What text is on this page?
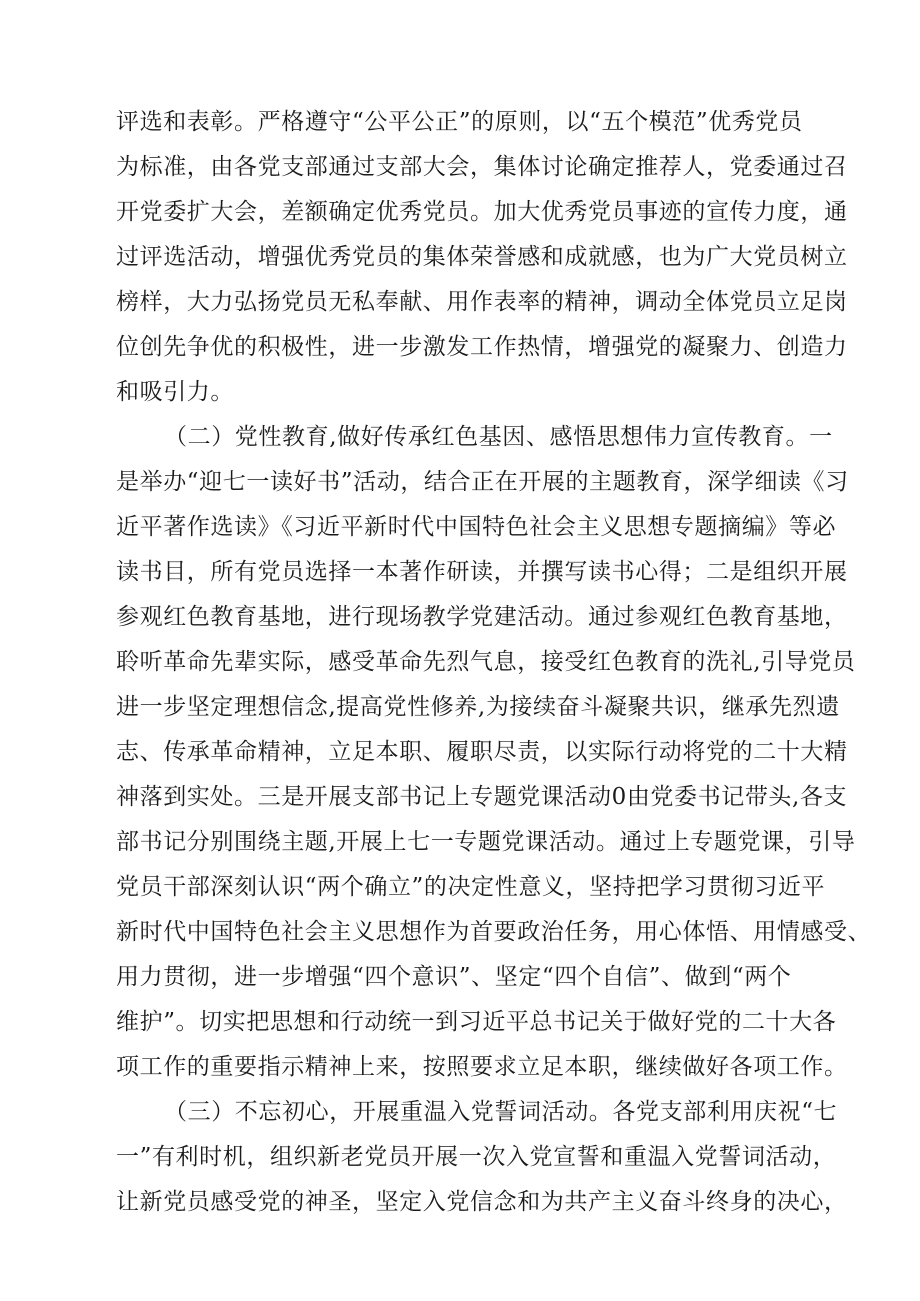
评选和表彰。严格遵守“公平公正”的原则，以“五个模范”优秀党员
为标准，由各党支部通过支部大会，集体讨论确定推荐人，党委通过召
开党委扩大会，差额确定优秀党员。加大优秀党员事迹的宣传力度，通
过评选活动，增强优秀党员的集体荣誉感和成就感，也为广大党员树立
榜样，大力弘扬党员无私奉献、用作表率的精神，调动全体党员立足岗
位创先争优的积极性，进一步激发工作热情，增强党的凝聚力、创造力
和吸引力。
（二）党性教育,做好传承红色基因、感悟思想伟力宣传教育。一
是举办“迎七一读好书”活动，结合正在开展的主题教育，深学细读《习
近平著作选读》《习近平新时代中国特色社会主义思想专题摘编》等必
读书目，所有党员选择一本著作研读，并撰写读书心得；二是组织开展
参观红色教育基地，进行现场教学党建活动。通过参观红色教育基地，
聆听革命先辈实际，感受革命先烈气息，接受红色教育的洗礼,引导党员
进一步坚定理想信念,提高党性修养,为接续奋斗凝聚共识，继承先烈遗
志、传承革命精神，立足本职、履职尽责，以实际行动将党的二十大精
神落到实处。三是开展支部书记上专题党课活动0由党委书记带头,各支
部书记分别围绕主题,开展上七一专题党课活动。通过上专题党课，引导
党员干部深刻认识“两个确立”的决定性意义，坚持把学习贯彻习近平
新时代中国特色社会主义思想作为首要政治任务，用心体悟、用情感受、
用力贯彻，进一步增强“四个意识”、坚定“四个自信”、做到“两个
维护”。切实把思想和行动统一到习近平总书记关于做好党的二十大各
项工作的重要指示精神上来，按照要求立足本职，继续做好各项工作。
（三）不忘初心，开展重温入党誓词活动。各党支部利用庆祝“七
一”有利时机，组织新老党员开展一次入党宣誓和重温入党誓词活动，
让新党员感受党的神圣，坚定入党信念和为共产主义奋斗终身的决心，
